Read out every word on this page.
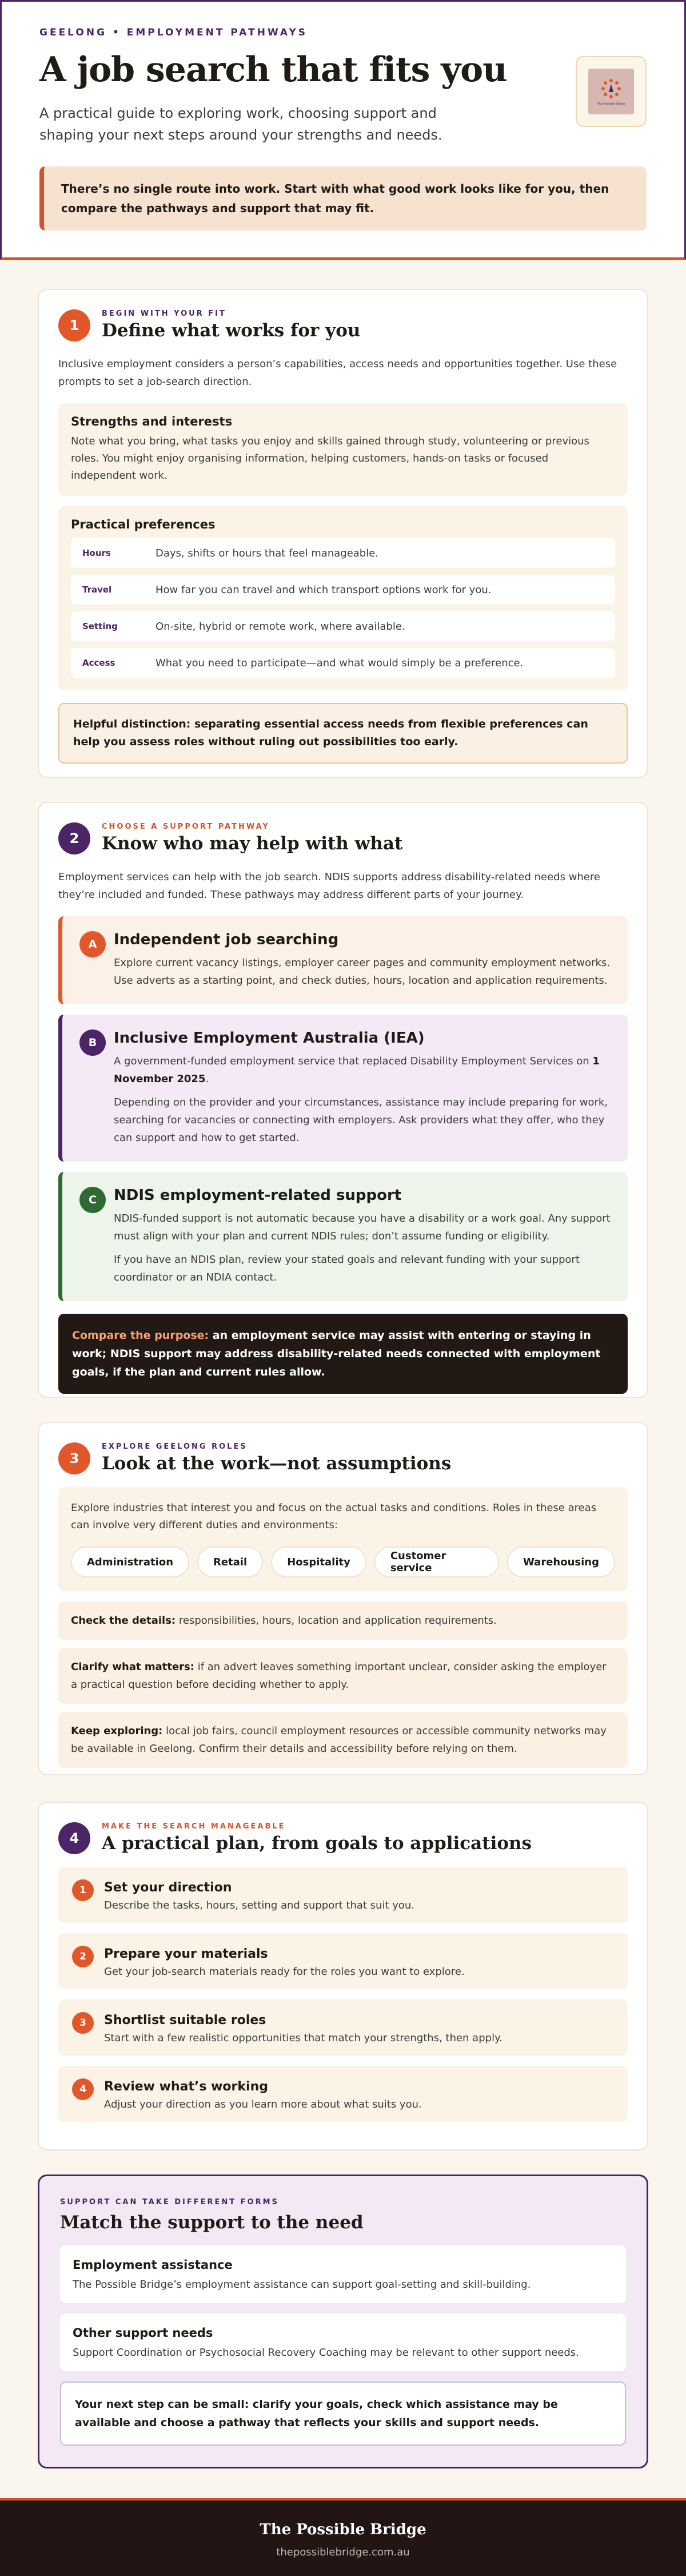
GEELONG • EMPLOYMENT PATHWAYS
A job search that fits you

A practical guide to exploring work, choosing support and shaping your next steps around your strengths and needs.

The Possible Bridge
There’s no single route into work. Start with what good work looks like for you, then compare the pathways and support that may fit.
1
BEGIN WITH YOUR FIT
Define what works for you

Inclusive employment considers a person’s capabilities, access needs and opportunities together. Use these prompts to set a job-search direction.

Strengths and interests

Note what you bring, what tasks you enjoy and skills gained through study, volunteering or previous roles. You might enjoy organising information, helping customers, hands-on tasks or focused independent work.

Practical preferences
Hours	Days, shifts or hours that feel manageable.
Travel	How far you can travel and which transport options work for you.
Setting	On-site, hybrid or remote work, where available.
Access	What you need to participate—and what would simply be a preference.
Helpful distinction: separating essential access needs from flexible preferences can help you assess roles without ruling out possibilities too early.
2
CHOOSE A SUPPORT PATHWAY
Know who may help with what

Employment services can help with the job search. NDIS supports address disability-related needs where they’re included and funded. These pathways may address different parts of your journey.

A	Independent job searching

Explore current vacancy listings, employer career pages and community employment networks. Use adverts as a starting point, and check duties, hours, location and application requirements.

B	Inclusive Employment Australia (IEA)

A government-funded employment service that replaced Disability Employment Services on 1 November 2025.

Depending on the provider and your circumstances, assistance may include preparing for work, searching for vacancies or connecting with employers. Ask providers what they offer, who they can support and how to get started.

C	NDIS employment-related support

NDIS-funded support is not automatic because you have a disability or a work goal. Any support must align with your plan and current NDIS rules; don’t assume funding or eligibility.

If you have an NDIS plan, review your stated goals and relevant funding with your support coordinator or an NDIA contact.

Compare the purpose: an employment service may assist with entering or staying in work; NDIS support may address disability-related needs connected with employment goals, if the plan and current rules allow.
3
EXPLORE GEELONG ROLES
Look at the work—not assumptions

Explore industries that interest you and focus on the actual tasks and conditions. Roles in these areas can involve very different duties and environments:

Administration	Retail	Hospitality	Customer service	Warehousing
Check the details: responsibilities, hours, location and application requirements.
Clarify what matters: if an advert leaves something important unclear, consider asking the employer a practical question before deciding whether to apply.
Keep exploring: local job fairs, council employment resources or accessible community networks may be available in Geelong. Confirm their details and accessibility before relying on them.
4
MAKE THE SEARCH MANAGEABLE
A practical plan, from goals to applications
1	Set your direction

Describe the tasks, hours, setting and support that suit you.

2	Prepare your materials

Get your job-search materials ready for the roles you want to explore.

3	Shortlist suitable roles

Start with a few realistic opportunities that match your strengths, then apply.

4	Review what’s working

Adjust your direction as you learn more about what suits you.

SUPPORT CAN TAKE DIFFERENT FORMS
Match the support to the need
Employment assistance

The Possible Bridge’s employment assistance can support goal-setting and skill-building.

Other support needs

Support Coordination or Psychosocial Recovery Coaching may be relevant to other support needs.

Your next step can be small: clarify your goals, check which assistance may be available and choose a pathway that reflects your skills and support needs.
The Possible Bridge
thepossiblebridge.com.au
